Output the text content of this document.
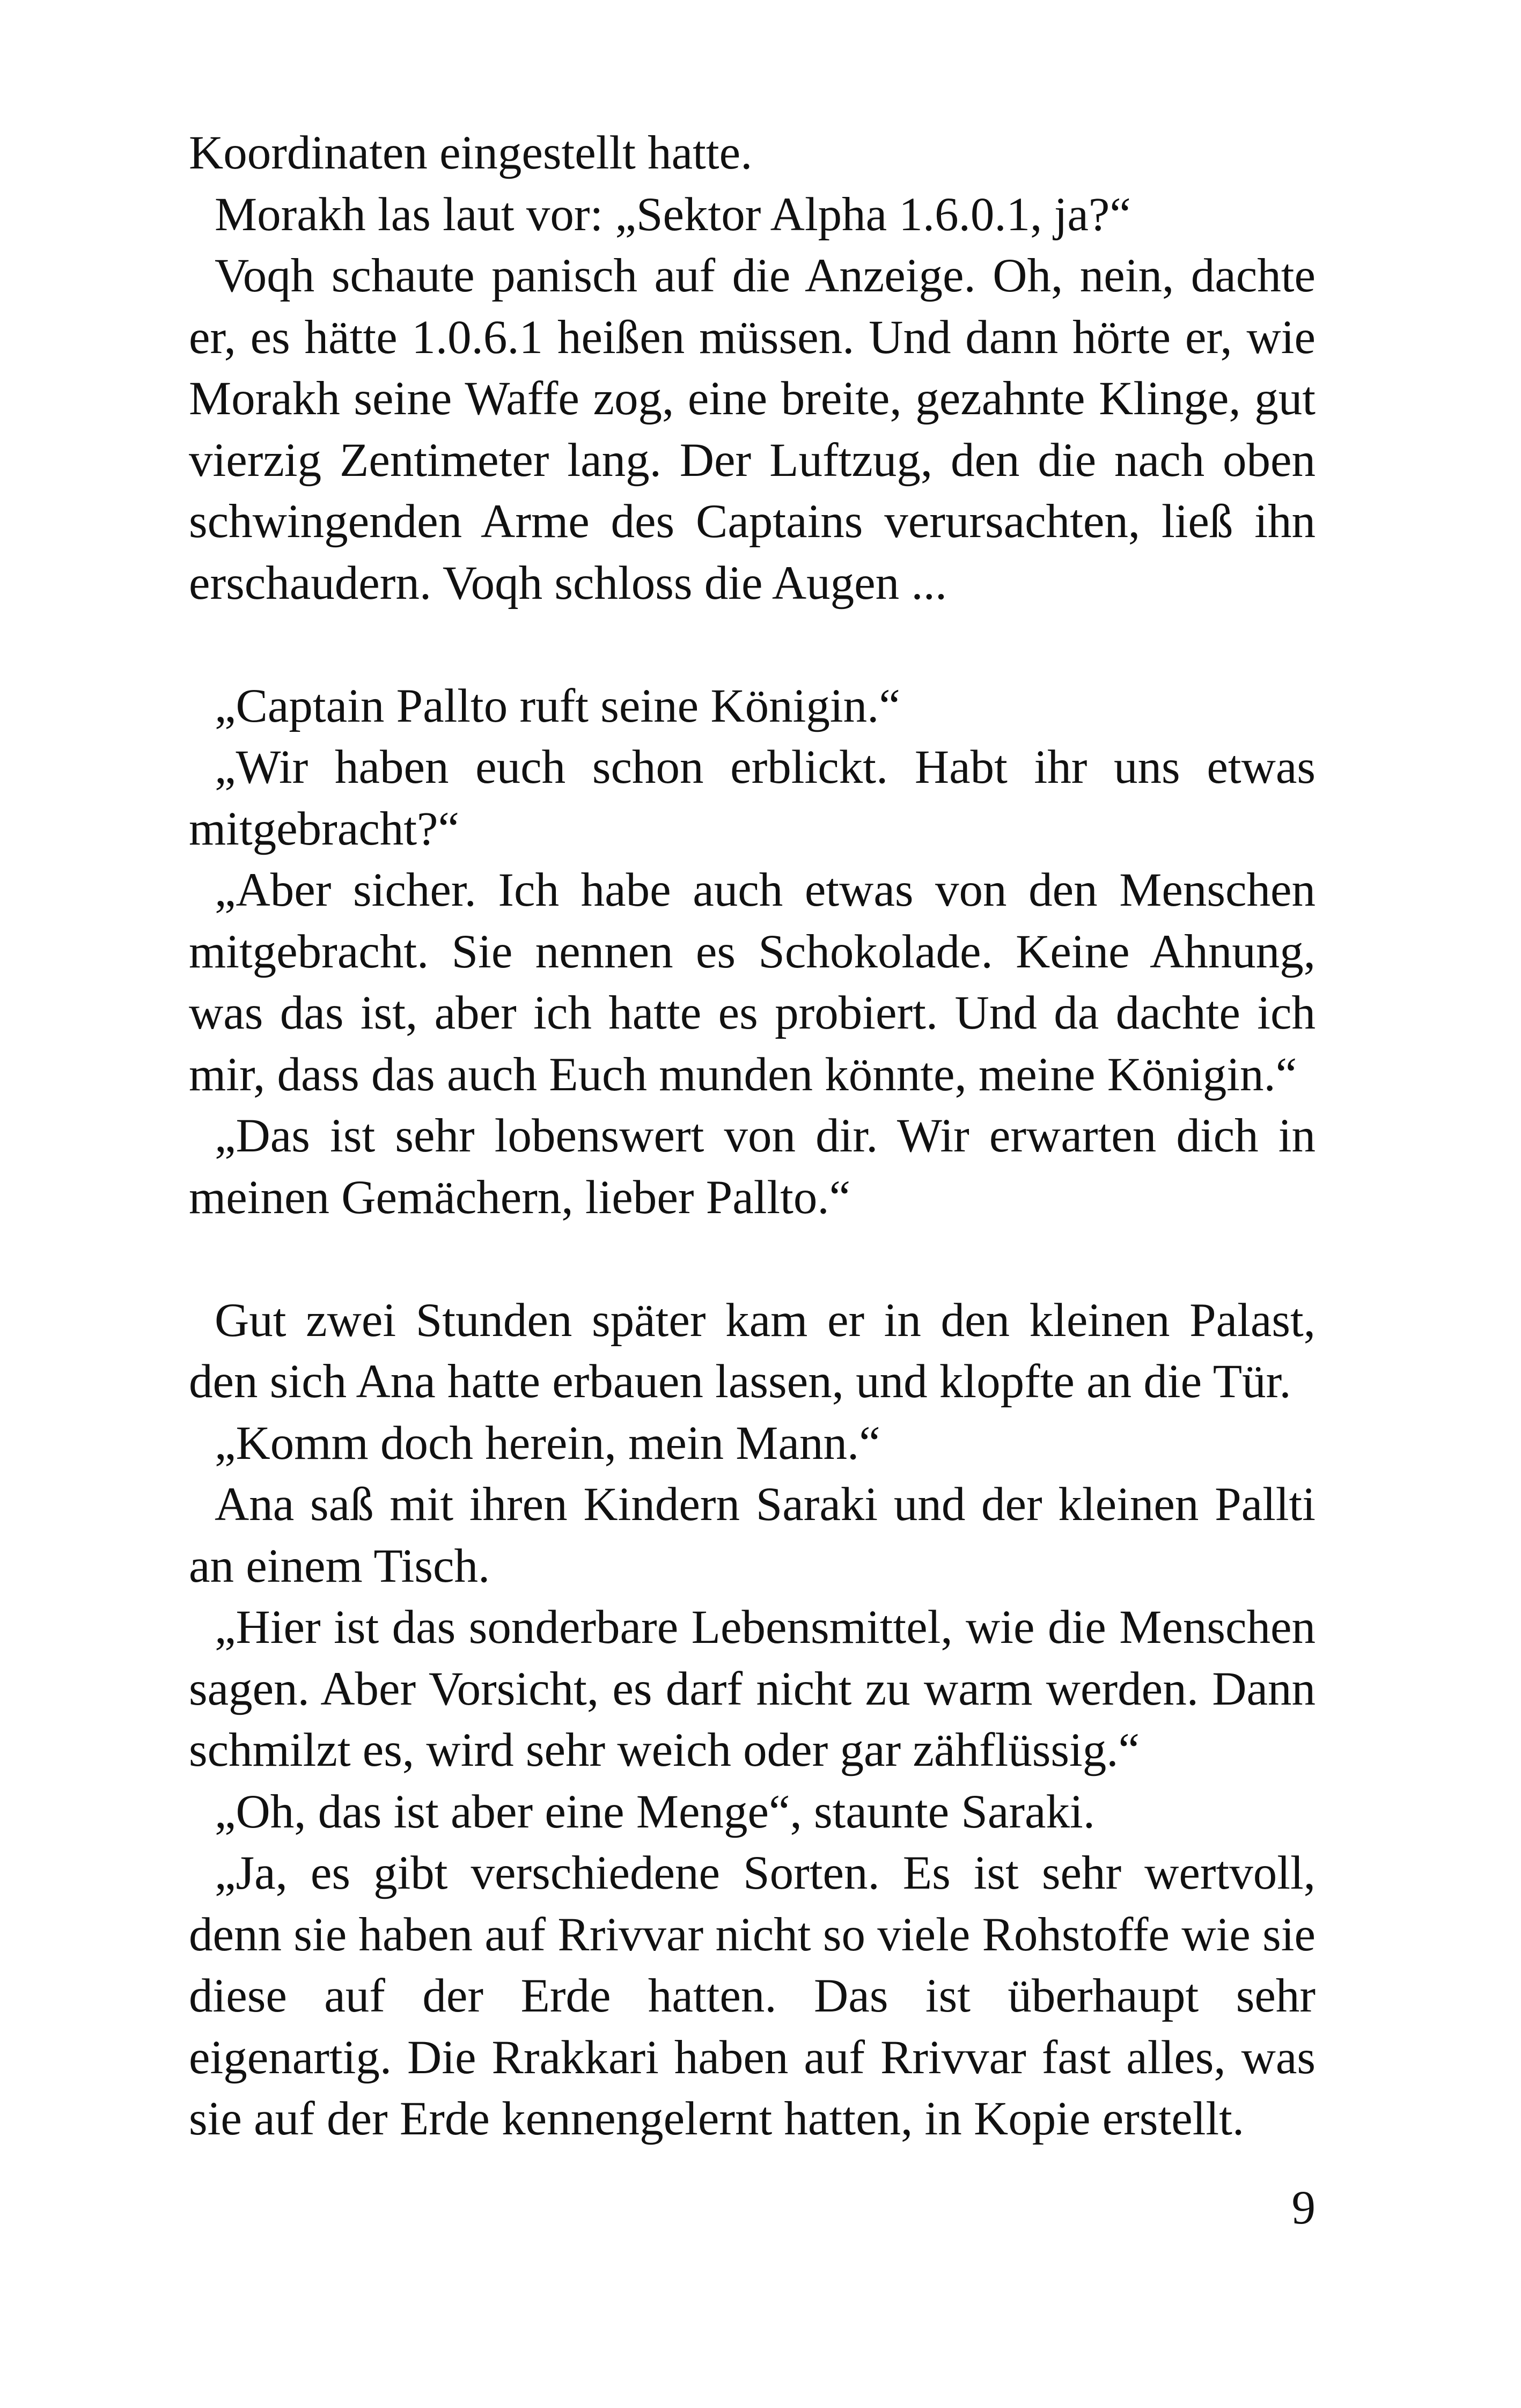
Koordinaten eingestellt hatte.

Morakh las laut vor: „Sektor Alpha 1.6.0.1, ja?“

Voqh schaute panisch auf die Anzeige. Oh, nein, dachte er, es hätte 1.0.6.1 heißen müssen. Und dann hörte er, wie Morakh seine Waffe zog, eine breite, gezahnte Klinge, gut vierzig Zentimeter lang. Der Luftzug, den die nach oben schwingenden Arme des Captains verursachten, ließ ihn erschaudern. Voqh schloss die Augen ...

„Captain Pallto ruft seine Königin.“

„Wir haben euch schon erblickt. Habt ihr uns etwas mitgebracht?“

„Aber sicher. Ich habe auch etwas von den Menschen mitgebracht. Sie nennen es Schokolade. Keine Ahnung, was das ist, aber ich hatte es probiert. Und da dachte ich mir, dass das auch Euch munden könnte, meine Königin.“

„Das ist sehr lobenswert von dir. Wir erwarten dich in meinen Gemächern, lieber Pallto.“

Gut zwei Stunden später kam er in den kleinen Palast, den sich Ana hatte erbauen lassen, und klopfte an die Tür.

„Komm doch herein, mein Mann.“

Ana saß mit ihren Kindern Saraki und der kleinen Pallti an einem Tisch.

„Hier ist das sonderbare Lebensmittel, wie die Menschen sagen. Aber Vorsicht, es darf nicht zu warm werden. Dann schmilzt es, wird sehr weich oder gar zähflüssig.“

„Oh, das ist aber eine Menge“, staunte Saraki.

„Ja, es gibt verschiedene Sorten. Es ist sehr wertvoll, denn sie haben auf Rrivvar nicht so viele Rohstoffe wie sie diese auf der Erde hatten. Das ist überhaupt sehr eigenartig. Die Rrakkari haben auf Rrivvar fast alles, was sie auf der Erde kennengelernt hatten, in Kopie erstellt.

9
